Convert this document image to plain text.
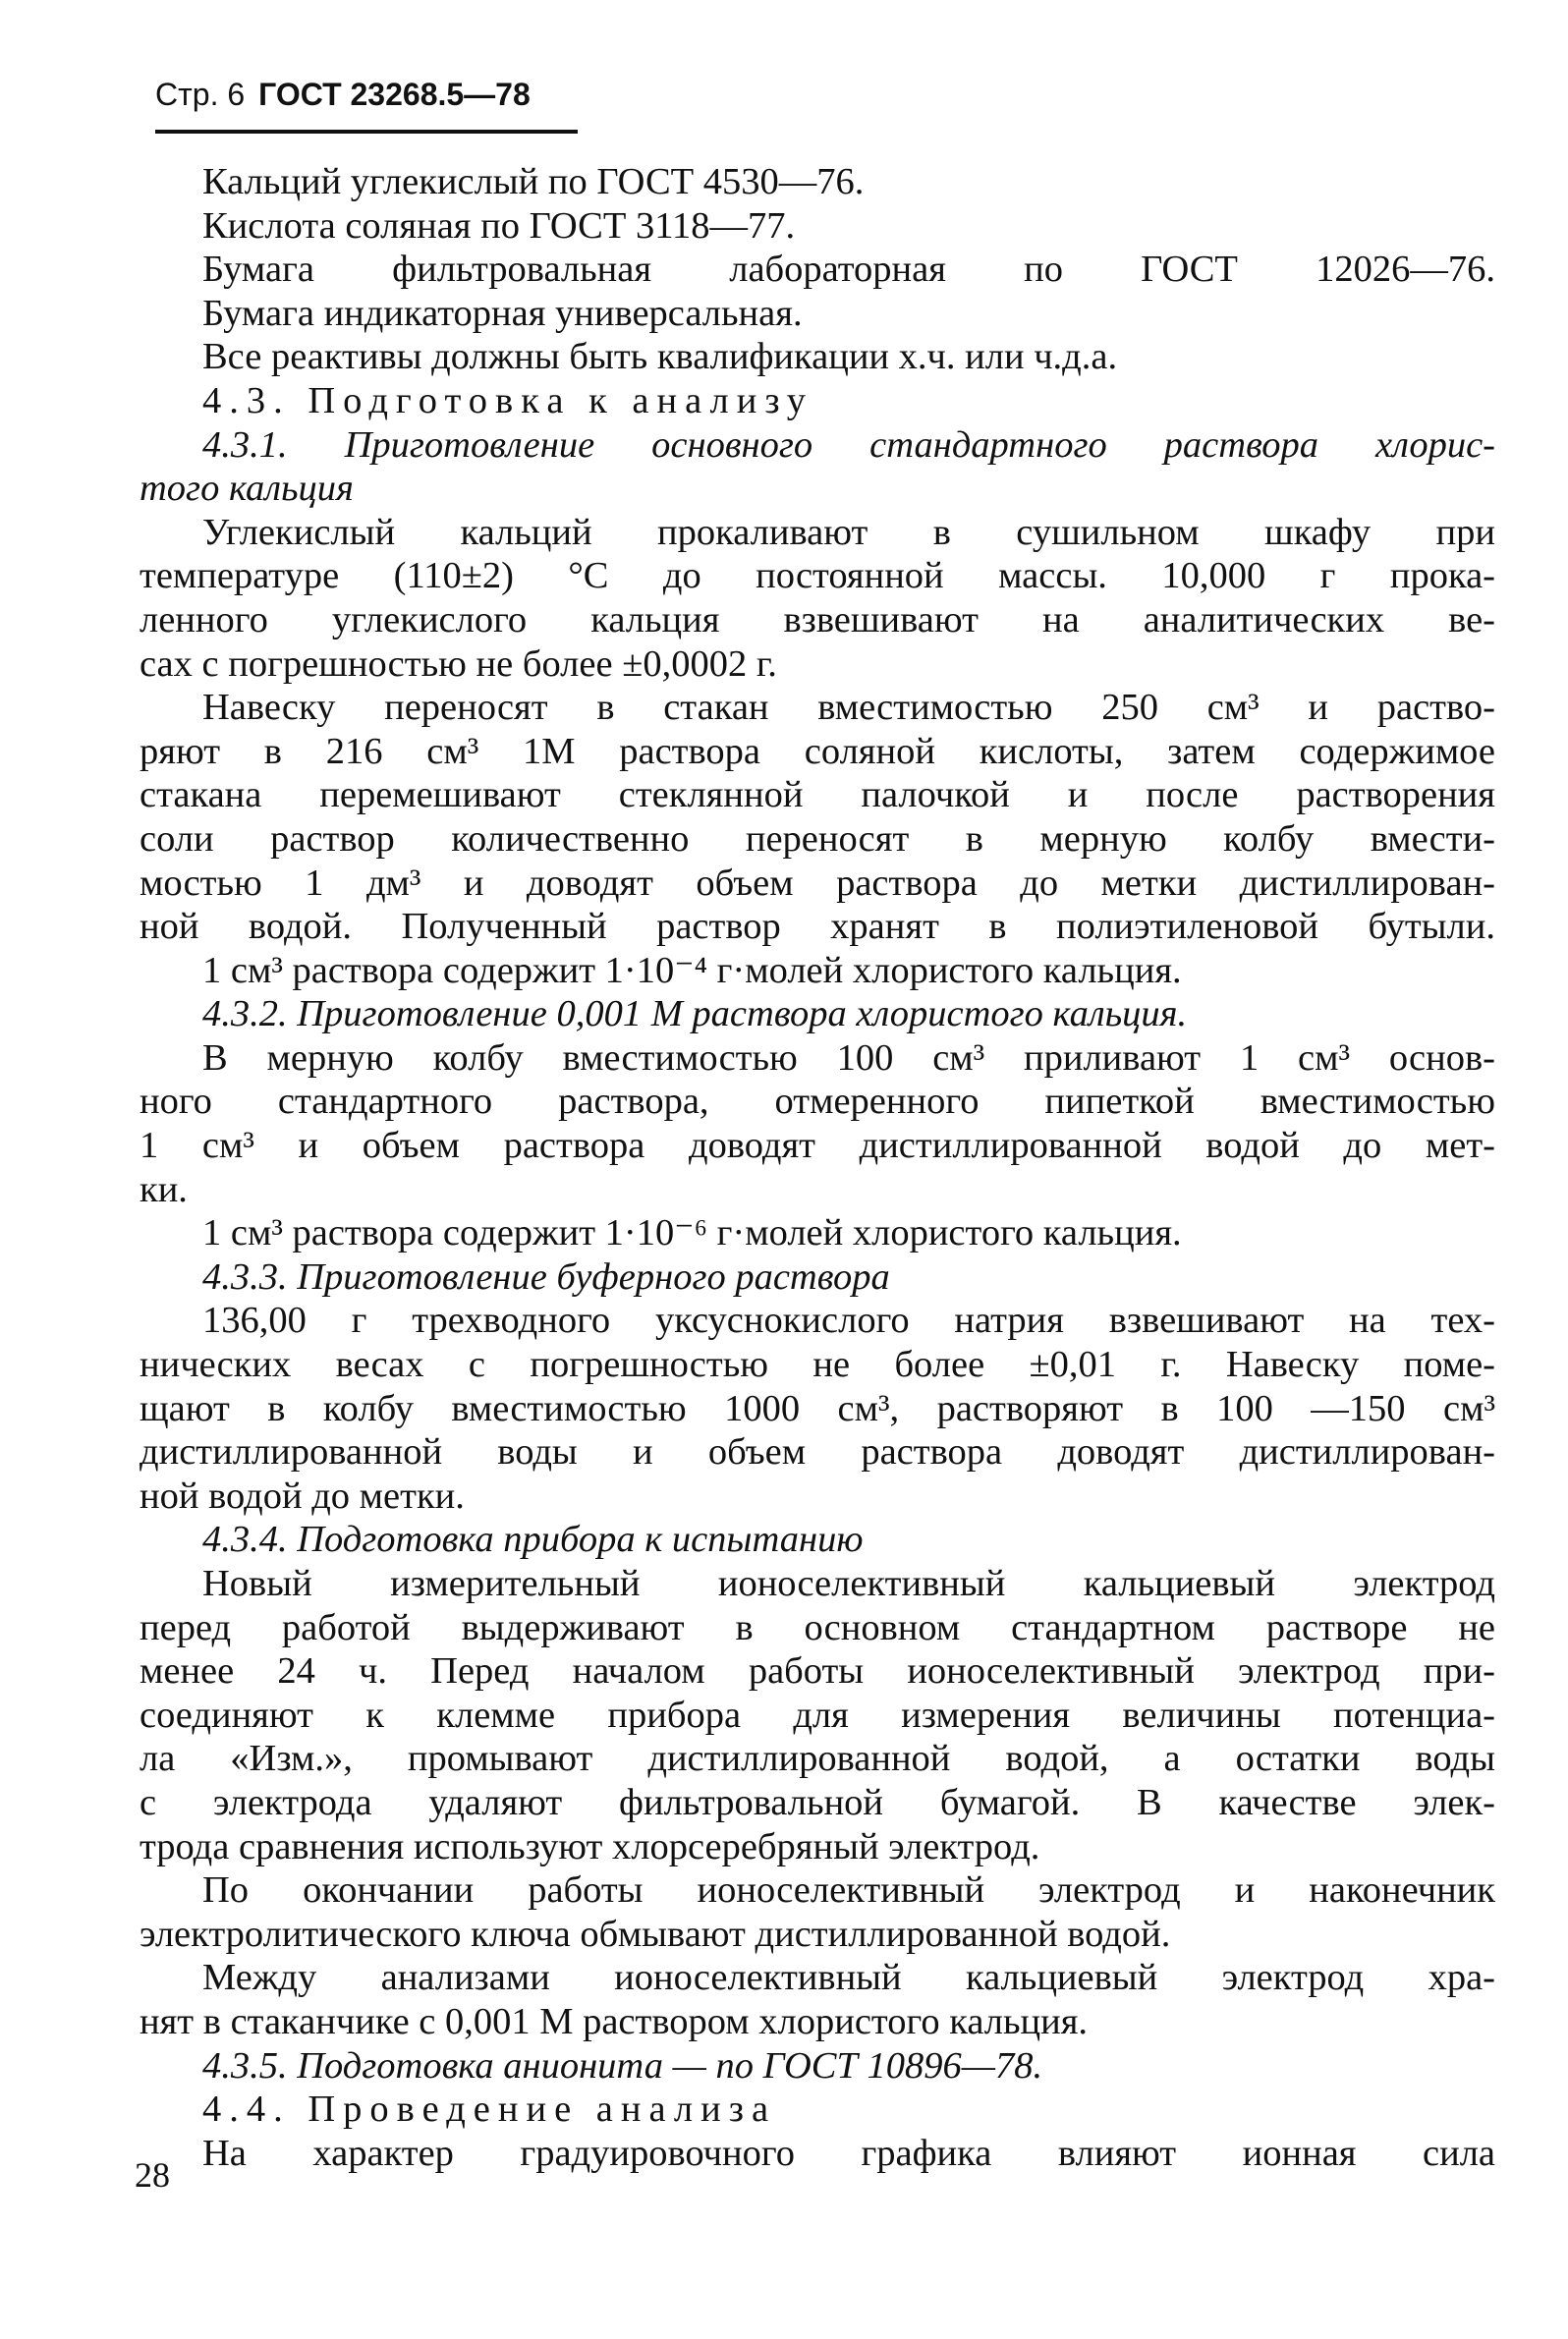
Стр. 6 ГОСТ 23268.5—78
Кальций углекислый по ГОСТ 4530—76.
Кислота соляная по ГОСТ 3118—77.
Бумага фильтровальная лабораторная по ГОСТ 12026—76.
Бумага индикаторная универсальная.
Все реактивы должны быть квалификации х.ч. или ч.д.а.
4.3. Подготовка к анализу
4.3.1. Приготовление основного стандартного раствора хлорис-
того кальция
Углекислый кальций прокаливают в сушильном шкафу при
температуре (110±2) °С до постоянной массы. 10,000 г прока-
ленного углекислого кальция взвешивают на аналитических ве-
сах с погрешностью не более ±0,0002 г.
Навеску переносят в стакан вместимостью 250 см³ и раство-
ряют в 216 см³ 1М раствора соляной кислоты, затем содержимое
стакана перемешивают стеклянной палочкой и после растворения
соли раствор количественно переносят в мерную колбу вмести-
мостью 1 дм³ и доводят объем раствора до метки дистиллирован-
ной водой. Полученный раствор хранят в полиэтиленовой бутыли.
1 см³ раствора содержит 1·10⁻⁴ г·молей хлористого кальция.
4.3.2. Приготовление 0,001 М раствора хлористого кальция.
В мерную колбу вместимостью 100 см³ приливают 1 см³ основ-
ного стандартного раствора, отмеренного пипеткой вместимостью
1 см³ и объем раствора доводят дистиллированной водой до мет-
ки.
1 см³ раствора содержит 1·10⁻⁶ г·молей хлористого кальция.
4.3.3. Приготовление буферного раствора
136,00 г трехводного уксуснокислого натрия взвешивают на тех-
нических весах с погрешностью не более ±0,01 г. Навеску поме-
щают в колбу вместимостью 1000 см³, растворяют в 100 —150 см³
дистиллированной воды и объем раствора доводят дистиллирован-
ной водой до метки.
4.3.4. Подготовка прибора к испытанию
Новый измерительный ионоселективный кальциевый электрод
перед работой выдерживают в основном стандартном растворе не
менее 24 ч. Перед началом работы ионоселективный электрод при-
соединяют к клемме прибора для измерения величины потенциа-
ла «Изм.», промывают дистиллированной водой, а остатки воды
с электрода удаляют фильтровальной бумагой. В качестве элек-
трода сравнения используют хлорсеребряный электрод.
По окончании работы ионоселективный электрод и наконечник
электролитического ключа обмывают дистиллированной водой.
Между анализами ионоселективный кальциевый электрод хра-
нят в стаканчике с 0,001 М раствором хлористого кальция.
4.3.5. Подготовка анионита — по ГОСТ 10896—78.
4.4. Проведение анализа
На характер градуировочного графика влияют ионная сила
28
